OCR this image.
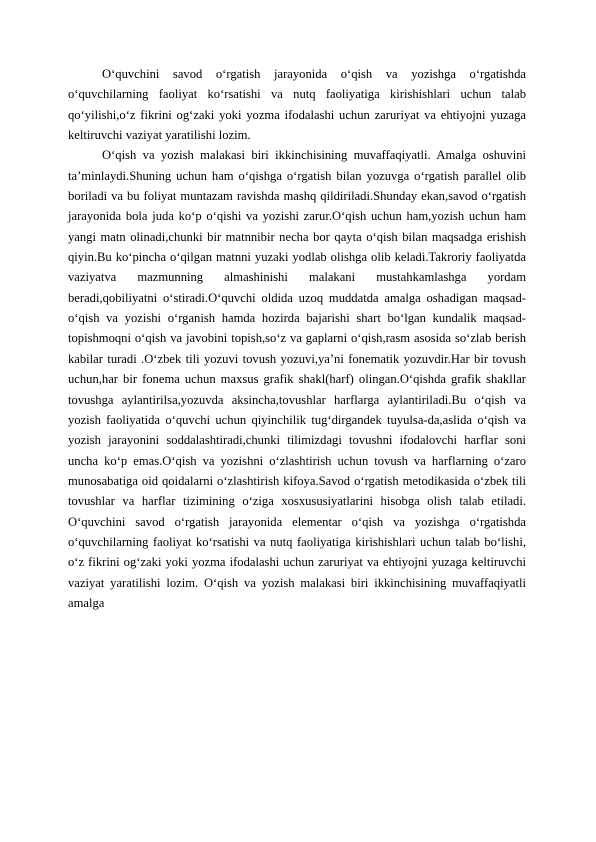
O‘quvchini savod o‘rgatish jarayonida o‘qish va yozishga o‘rgatishda o‘quvchilarning faoliyat ko‘rsatishi va nutq faoliyatiga kirishishlari uchun talab qo‘yilishi,o‘z fikrini og‘zaki yoki yozma ifodalashi uchun zaruriyat va ehtiyojni yuzaga keltiruvchi vaziyat yaratilishi lozim.

O‘qish va yozish malakasi biri ikkinchisining muvaffaqiyatli. Amalga oshuvini ta’minlaydi.Shuning uchun ham o‘qishga o‘rgatish bilan yozuvga o‘rgatish parallel olib boriladi va bu foliyat muntazam ravishda mashq qildiriladi.Shunday ekan,savod o‘rgatish jarayonida bola juda ko‘p o‘qishi va yozishi zarur.O‘qish uchun ham,yozish uchun ham yangi matn olinadi,chunki bir matnnibir necha bor qayta o‘qish bilan maqsadga erishish qiyin.Bu ko‘pincha o‘qilgan matnni yuzaki yodlab olishga olib keladi.Takroriy faoliyatda vaziyatva mazmunning almashinishi malakani mustahkamlashga yordam beradi,qobiliyatni o‘stiradi.O‘quvchi oldida uzoq muddatda amalga oshadigan maqsad-o‘qish va yozishi o‘rganish hamda hozirda bajarishi shart bo‘lgan kundalik maqsad-topishmoqni o‘qish va javobini topish,so‘z va gaplarni o‘qish,rasm asosida so‘zlab berish kabilar turadi .O‘zbek tili yozuvi tovush yozuvi,ya’ni fonematik yozuvdir.Har bir tovush uchun,har bir fonema uchun maxsus grafik shakl(harf) olingan.O‘qishda grafik shakllar tovushga aylantirilsa,yozuvda aksincha,tovushlar harflarga aylantiriladi.Bu o‘qish va yozish faoliyatida o‘quvchi uchun qiyinchilik tug‘dirgandek tuyulsa-da,aslida o‘qish va yozish jarayonini soddalashtiradi,chunki tilimizdagi tovushni ifodalovchi harflar soni uncha ko‘p emas.O‘qish va yozishni o‘zlashtirish uchun tovush va harflarning o‘zaro munosabatiga oid qoidalarni o‘zlashtirish kifoya.Savod o‘rgatish metodikasida o‘zbek tili tovushlar va harflar tizimining o‘ziga xosxususiyatlarini hisobga olish talab etiladi. O‘quvchini savod o‘rgatish jarayonida elementar o‘qish va yozishga o‘rgatishda o‘quvchilarning faoliyat ko‘rsatishi va nutq faoliyatiga kirishishlari uchun talab bo‘lishi, o‘z fikrini og‘zaki yoki yozma ifodalashi uchun zaruriyat va ehtiyojni yuzaga keltiruvchi vaziyat yaratilishi lozim. O‘qish va yozish malakasi biri ikkinchisining muvaffaqiyatli amalga
